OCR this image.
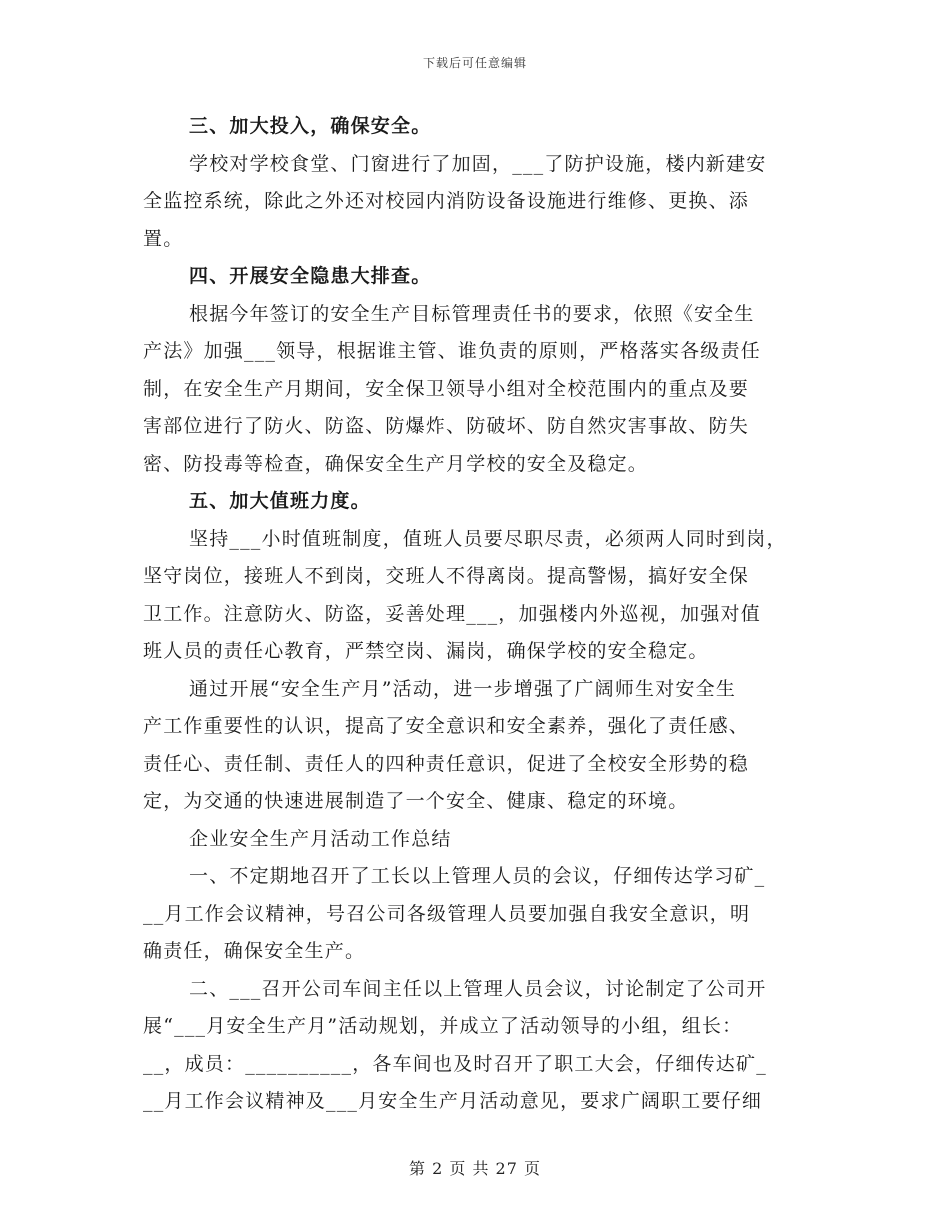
下载后可任意编辑
三、加大投入，确保安全。
学校对学校食堂、门窗进行了加固，___了防护设施，楼内新建安
全监控系统，除此之外还对校园内消防设备设施进行维修、更换、添
置。
四、开展安全隐患大排查。
根据今年签订的安全生产目标管理责任书的要求，依照《安全生
产法》加强___领导，根据谁主管、谁负责的原则，严格落实各级责任
制，在安全生产月期间，安全保卫领导小组对全校范围内的重点及要
害部位进行了防火、防盗、防爆炸、防破坏、防自然灾害事故、防失
密、防投毒等检查，确保安全生产月学校的安全及稳定。
五、加大值班力度。
坚持___小时值班制度，值班人员要尽职尽责，必须两人同时到岗，
坚守岗位，接班人不到岗，交班人不得离岗。提高警惕，搞好安全保
卫工作。注意防火、防盗，妥善处理___，加强楼内外巡视，加强对值
班人员的责任心教育，严禁空岗、漏岗，确保学校的安全稳定。
通过开展“安全生产月”活动，进一步增强了广阔师生对安全生
产工作重要性的认识，提高了安全意识和安全素养，强化了责任感、
责任心、责任制、责任人的四种责任意识，促进了全校安全形势的稳
定，为交通的快速进展制造了一个安全、健康、稳定的环境。
企业安全生产月活动工作总结
一、不定期地召开了工长以上管理人员的会议，仔细传达学习矿_
__月工作会议精神，号召公司各级管理人员要加强自我安全意识，明
确责任，确保安全生产。
二、___召开公司车间主任以上管理人员会议，讨论制定了公司开
展“___月安全生产月”活动规划，并成立了活动领导的小组，组长：
__，成员：__________，各车间也及时召开了职工大会，仔细传达矿_
__月工作会议精神及___月安全生产月活动意见，要求广阔职工要仔细
第 2 页 共 27 页
